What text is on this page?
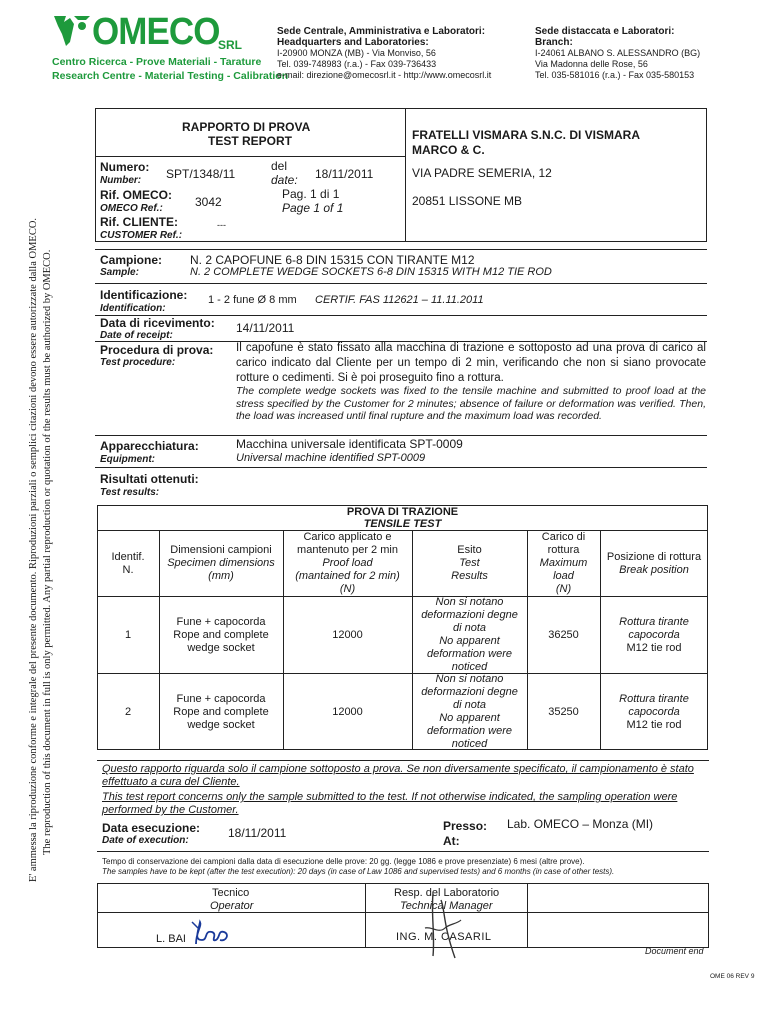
OMECO
SRL
Centro Ricerca - Prove Materiali - Tarature
Research Centre - Material Testing - Calibration
Sede Centrale, Amministrativa e Laboratori:
Headquarters and Laboratories:
I-20900 MONZA (MB) - Via Monviso, 56
Tel. 039-748983 (r.a.) - Fax 039-736433
e-mail: direzione@omecosrl.it - http://www.omecosrl.it
Sede distaccata e Laboratori:
Branch:
I-24061 ALBANO S. ALESSANDRO (BG)
Via Madonna delle Rose, 56
Tel. 035-581016 (r.a.) - Fax 035-580153
E' ammessa la riproduzione conforme e integrale del presente documento. Riproduzioni parziali o semplici citazioni devono essere autorizzate dalla OMECO. The reproduction of this document in full is only permitted. Any partial reproduction or quotation of the results must be authorized by OMECO.
RAPPORTO DI PROVA
TEST REPORT
Numero:
Number: SPT/1348/11
del
date: 18/11/2011
Rif. OMECO:
OMECO Ref.:	3042
Pag. 1 di 1
Page 1 of 1
Rif. CLIENTE:
CUSTOMER Ref.:
---
FRATELLI VISMARA S.N.C. DI VISMARA
MARCO & C.
VIA PADRE SEMERIA, 12
20851 LISSONE MB
Campione:
Sample:
N. 2 CAPOFUNE 6-8 DIN 15315 CON TIRANTE M12
N. 2 COMPLETE WEDGE SOCKETS 6-8 DIN 15315 WITH M12 TIE ROD
Identificazione:
Identification:
1 - 2 fune Ø 8 mm CERTIF. FAS 112621 – 11.11.2011
Data di ricevimento:
Date of receipt:
14/11/2011
Procedura di prova:
Test procedure:
Il capofune è stato fissato alla macchina di trazione e sottoposto ad una prova di carico al carico indicato dal Cliente per un tempo di 2 min, verificando che non si siano provocate rotture o cedimenti. Si è poi proseguito fino a rottura.
The complete wedge sockets was fixed to the tensile machine and submitted to proof load at the stress specified by the Customer for 2 minutes; absence of failure or deformation was verified. Then, the load was increased until final rupture and the maximum load was recorded.
Apparecchiatura:
Equipment:
Macchina universale identificata SPT-0009
Universal machine identified SPT-0009
Risultati ottenuti:
Test results:
PROVA DI TRAZIONE
TENSILE TEST
Identif.
N.
Dimensioni campioni
Specimen dimensions
(mm)
Carico applicato e
mantenuto per 2 min
Proof load
(mantained for 2 min)
(N)
Esito
Test
Results
Carico di
rottura
Maximum
load
(N)
Posizione di rottura
Break position
1
Fune + capocorda
Rope and complete
wedge socket
12000
Non si notano
deformazioni degne
di nota
No apparent
deformation were
noticed
36250
Rottura tirante
capocorda
M12 tie rod
2
Fune + capocorda
Rope and complete
wedge socket
12000
Non si notano
deformazioni degne
di nota
No apparent
deformation were
noticed
35250
Rottura tirante
capocorda
M12 tie rod
Questo rapporto riguarda solo il campione sottoposto a prova. Se non diversamente specificato, il campionamento è stato effettuato a cura del Cliente.
This test report concerns only the sample submitted to the test. If not otherwise indicated, the sampling operation were performed by the Customer.
Data esecuzione:
Date of execution:
18/11/2011	Presso:
At:
Lab. OMECO – Monza (MI)
Tempo di conservazione dei campioni dalla data di esecuzione delle prove: 20 gg. (legge 1086 e prove presenziate) 6 mesi (altre prove).
The samples have to be kept (after the test execution): 20 days (in case of Law 1086 and supervised tests) and 6 months (in case of other tests).
Tecnico
Operator
L. BAI
Resp. del Laboratorio
Technical Manager
ING. M. CASARIL
Document end
OME 06 REV 9
